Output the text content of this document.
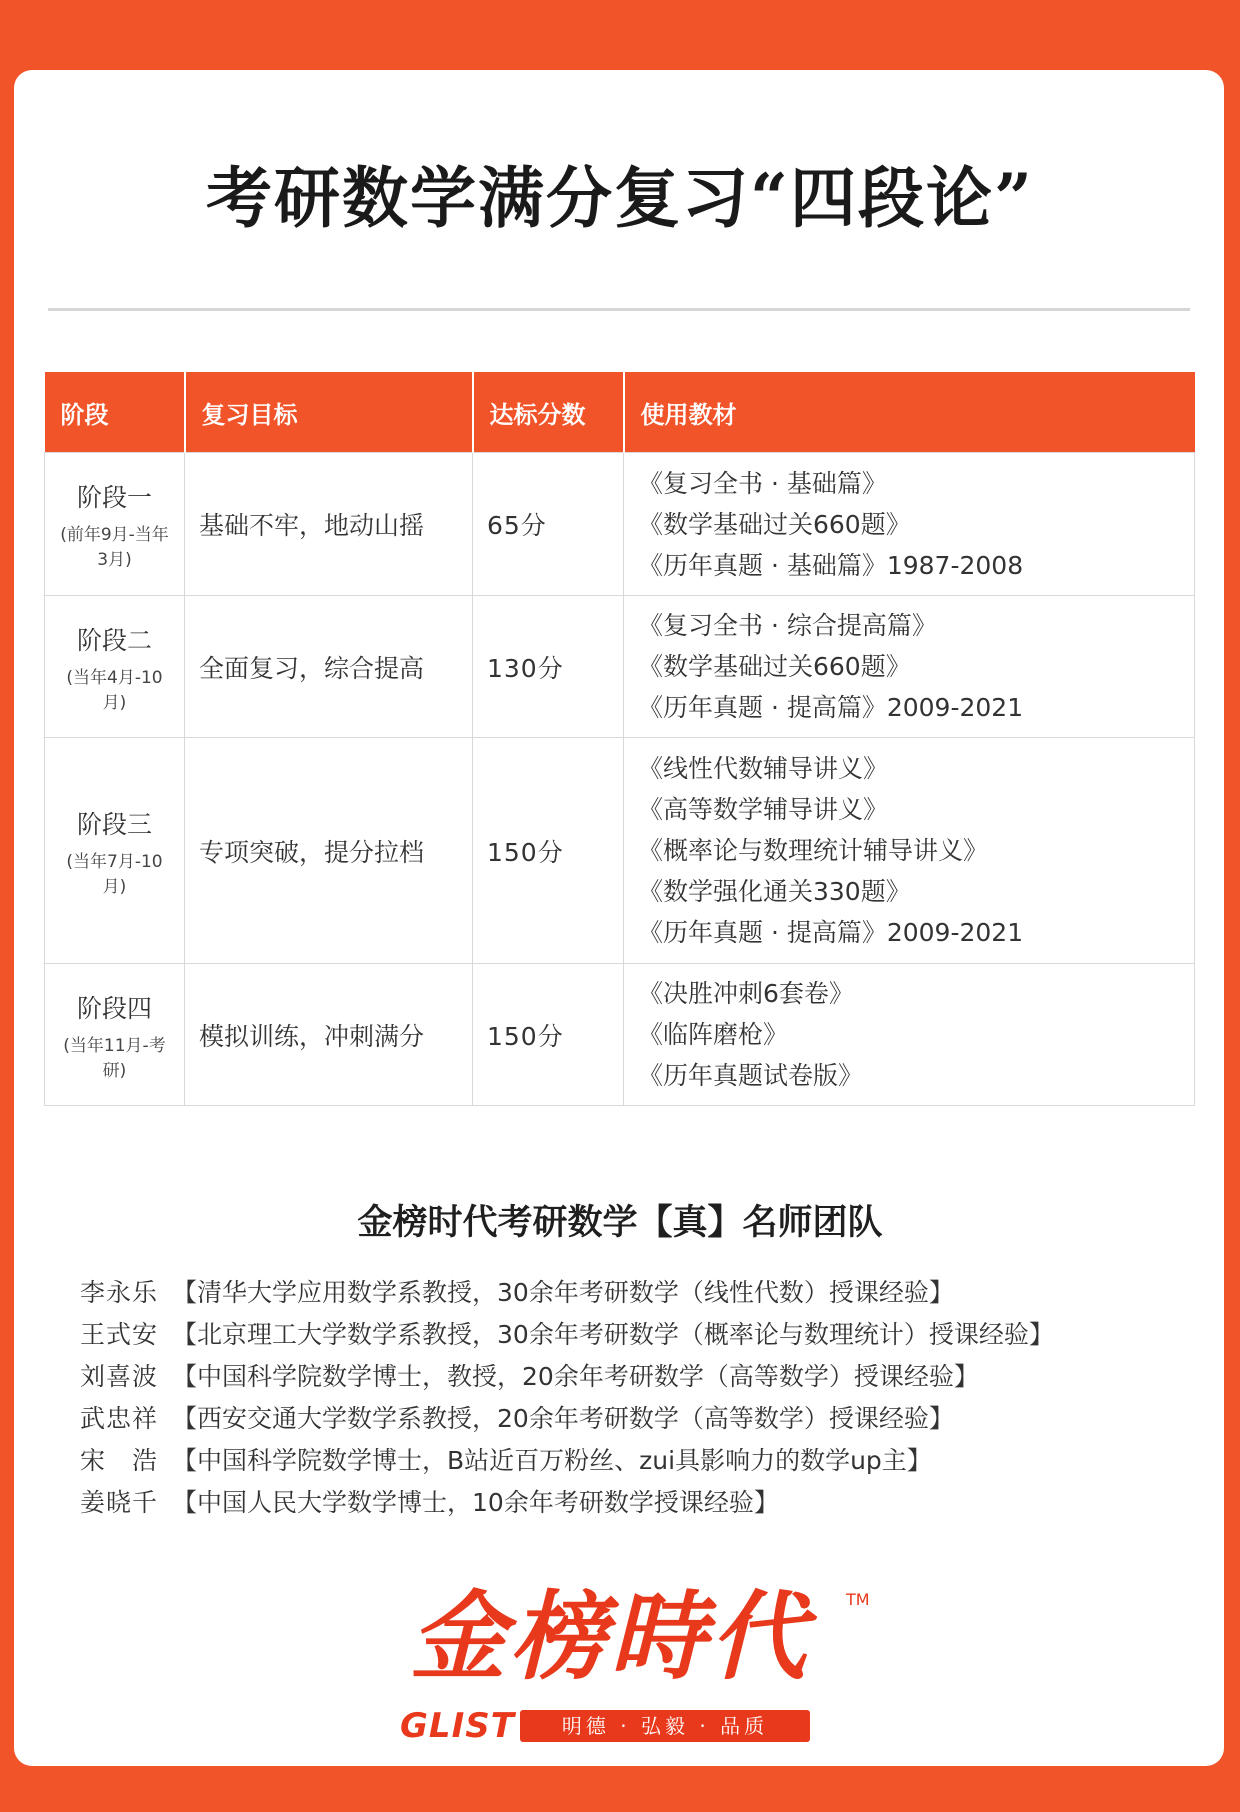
考研数学满分复习“四段论”
阶段	复习目标	达标分数	使用教材

阶段一
(前年9月-当年3月)	基础不牢，地动山摇	65分	《复习全书 · 基础篇》
《数学基础过关660题》
《历年真题 · 基础篇》1987-2008

阶段二
(当年4月-10月)	全面复习，综合提高	130分	《复习全书 · 综合提高篇》
《数学基础过关660题》
《历年真题 · 提高篇》2009-2021

阶段三
(当年7月-10月)	专项突破，提分拉档	150分	《线性代数辅导讲义》
《高等数学辅导讲义》
《概率论与数理统计辅导讲义》
《数学强化通关330题》
《历年真题 · 提高篇》2009-2021

阶段四
(当年11月-考研)	模拟训练，冲刺满分	150分	《决胜冲刺6套卷》
《临阵磨枪》
《历年真题试卷版》
金榜时代考研数学【真】名师团队
李永乐 【清华大学应用数学系教授，30余年考研数学（线性代数）授课经验】
王式安 【北京理工大学数学系教授，30余年考研数学（概率论与数理统计）授课经验】
刘喜波 【中国科学院数学博士，教授，20余年考研数学（高等数学）授课经验】
武忠祥 【西安交通大学数学系教授，20余年考研数学（高等数学）授课经验】
宋　浩 【中国科学院数学博士，B站近百万粉丝、zui具影响力的数学up主】
姜晓千 【中国人民大学数学博士，10余年考研数学授课经验】
金榜時代	TM
GLIST	明德 · 弘毅 · 品质
